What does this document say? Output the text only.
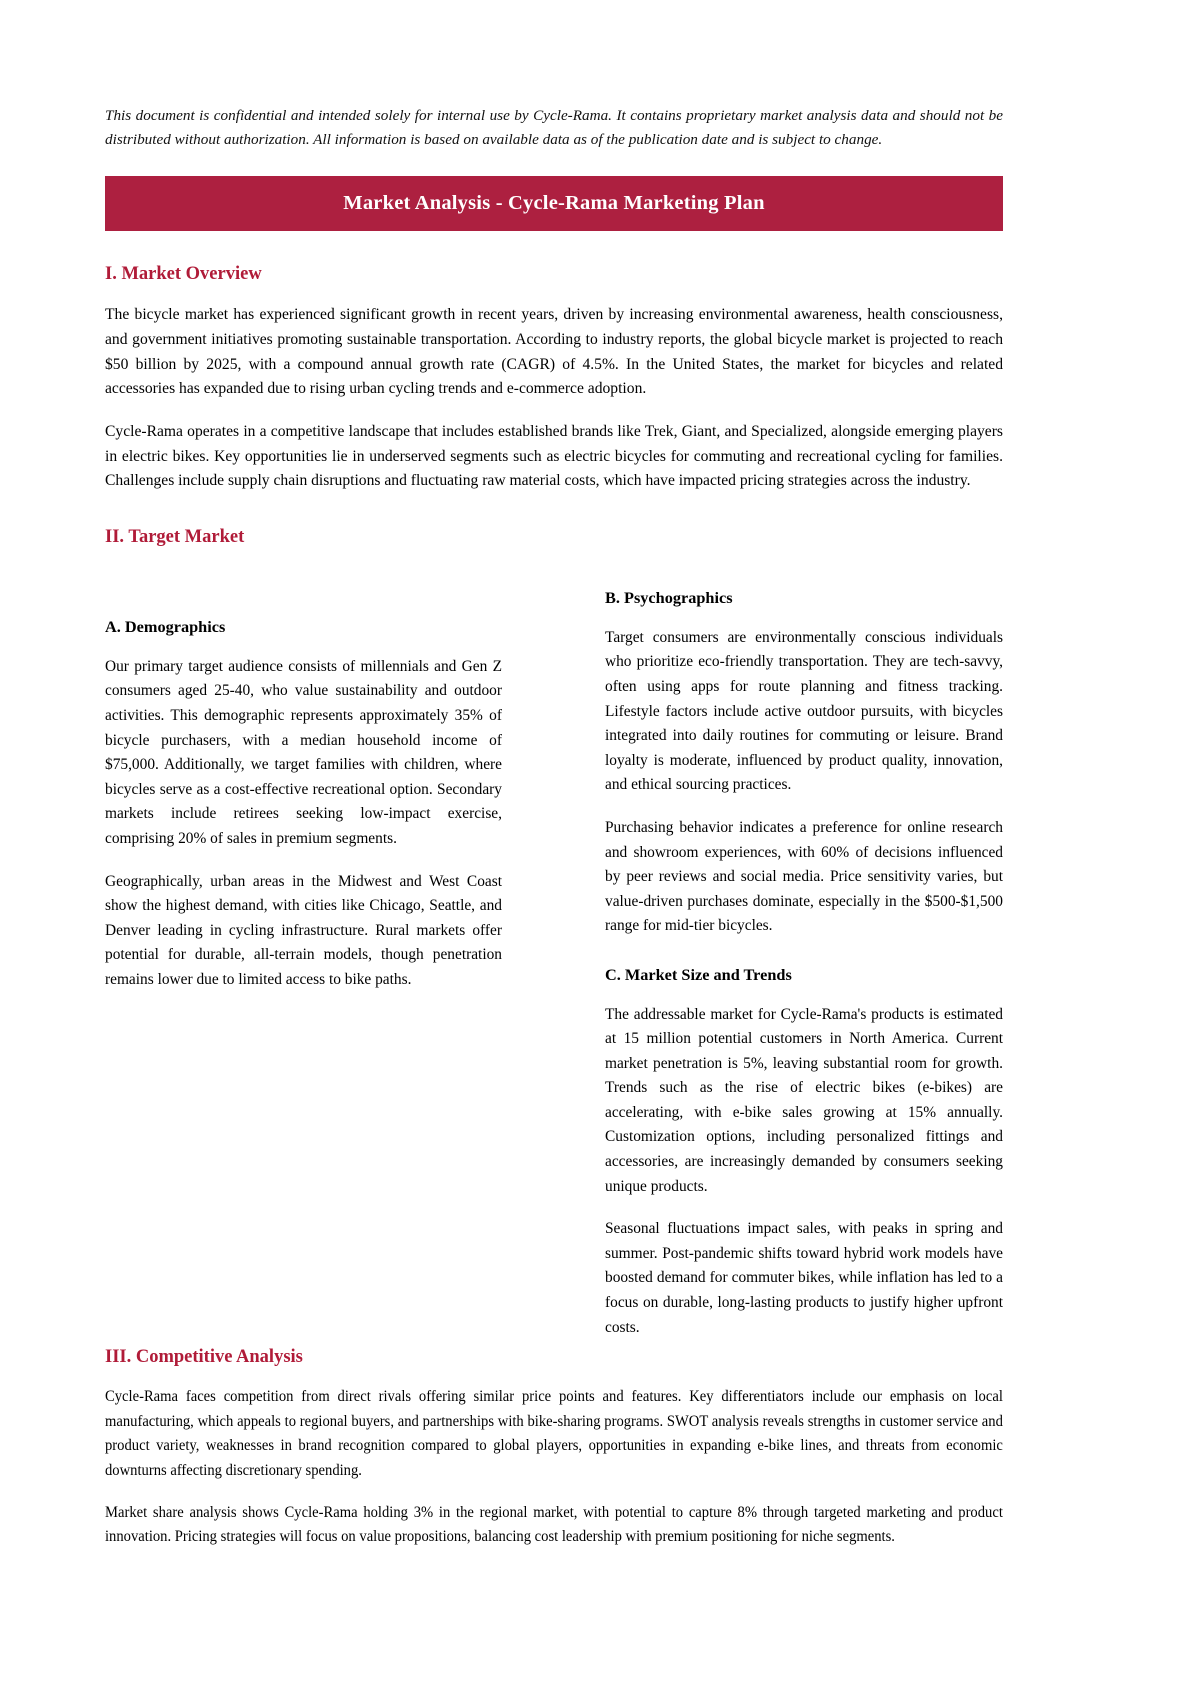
This document is confidential and intended solely for internal use by Cycle-Rama. It contains proprietary market analysis data and should not be distributed without authorization. All information is based on available data as of the publication date and is subject to change.
Market Analysis - Cycle-Rama Marketing Plan
I. Market Overview

The bicycle market has experienced significant growth in recent years, driven by increasing environmental awareness, health consciousness, and government initiatives promoting sustainable transportation. According to industry reports, the global bicycle market is projected to reach $50 billion by 2025, with a compound annual growth rate (CAGR) of 4.5%. In the United States, the market for bicycles and related accessories has expanded due to rising urban cycling trends and e-commerce adoption.

Cycle-Rama operates in a competitive landscape that includes established brands like Trek, Giant, and Specialized, alongside emerging players in electric bikes. Key opportunities lie in underserved segments such as electric bicycles for commuting and recreational cycling for families. Challenges include supply chain disruptions and fluctuating raw material costs, which have impacted pricing strategies across the industry.

II. Target Market
A. Demographics

Our primary target audience consists of millennials and Gen Z consumers aged 25-40, who value sustainability and outdoor activities. This demographic represents approximately 35% of bicycle purchasers, with a median household income of $75,000. Additionally, we target families with children, where bicycles serve as a cost-effective recreational option. Secondary markets include retirees seeking low-impact exercise, comprising 20% of sales in premium segments.

Geographically, urban areas in the Midwest and West Coast show the highest demand, with cities like Chicago, Seattle, and Denver leading in cycling infrastructure. Rural markets offer potential for durable, all-terrain models, though penetration remains lower due to limited access to bike paths.

B. Psychographics

Target consumers are environmentally conscious individuals who prioritize eco-friendly transportation. They are tech-savvy, often using apps for route planning and fitness tracking. Lifestyle factors include active outdoor pursuits, with bicycles integrated into daily routines for commuting or leisure. Brand loyalty is moderate, influenced by product quality, innovation, and ethical sourcing practices.

Purchasing behavior indicates a preference for online research and showroom experiences, with 60% of decisions influenced by peer reviews and social media. Price sensitivity varies, but value-driven purchases dominate, especially in the $500-$1,500 range for mid-tier bicycles.

C. Market Size and Trends

The addressable market for Cycle-Rama's products is estimated at 15 million potential customers in North America. Current market penetration is 5%, leaving substantial room for growth. Trends such as the rise of electric bikes (e-bikes) are accelerating, with e-bike sales growing at 15% annually. Customization options, including personalized fittings and accessories, are increasingly demanded by consumers seeking unique products.

Seasonal fluctuations impact sales, with peaks in spring and summer. Post-pandemic shifts toward hybrid work models have boosted demand for commuter bikes, while inflation has led to a focus on durable, long-lasting products to justify higher upfront costs.

III. Competitive Analysis

Cycle-Rama faces competition from direct rivals offering similar price points and features. Key differentiators include our emphasis on local manufacturing, which appeals to regional buyers, and partnerships with bike-sharing programs. SWOT analysis reveals strengths in customer service and product variety, weaknesses in brand recognition compared to global players, opportunities in expanding e-bike lines, and threats from economic downturns affecting discretionary spending.

Market share analysis shows Cycle-Rama holding 3% in the regional market, with potential to capture 8% through targeted marketing and product innovation. Pricing strategies will focus on value propositions, balancing cost leadership with premium positioning for niche segments.
